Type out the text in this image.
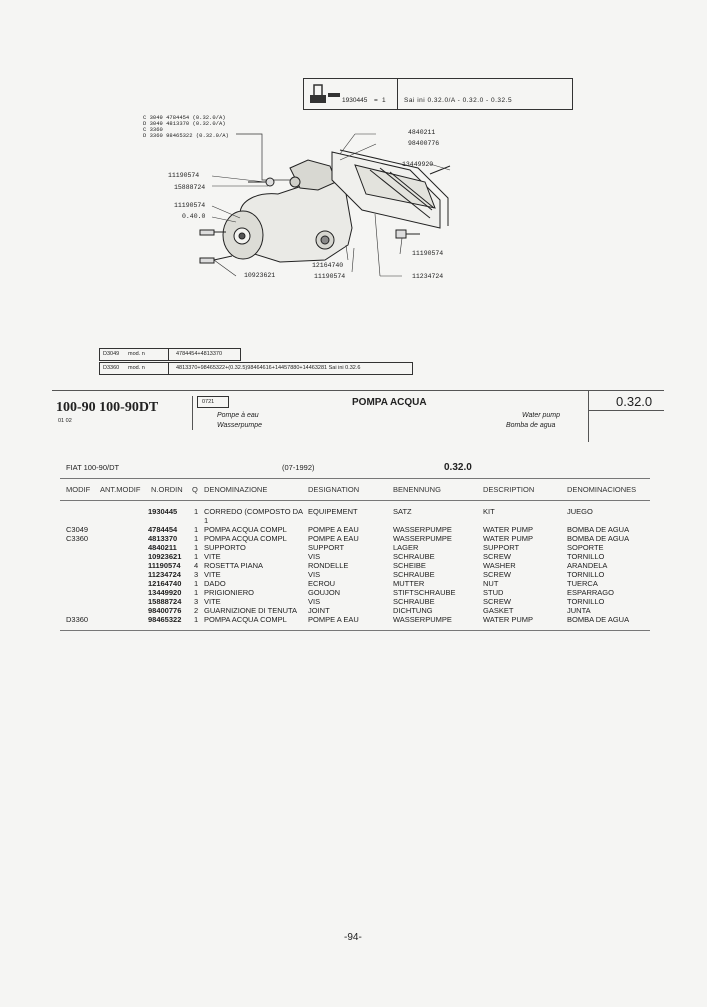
1930445 = 1	Sai ini 0.32.0/A - 0.32.0 - 0.32.5
C 3049 4784454 (0.32.0/A)
D 3049 4813370 (0.32.0/A)
C 3360
D 3360 98465322 (0.32.0/A)	4840211
98400776
13449920
11190574
15888724
11190574
0.40.0
10923621
12164740
11190574
11190574
11234724
D3049 mod. n	4784454+4813370
D3360 mod. n	4813370+98465322+(0.32.5)98464616+14457880+14463281 Sai ini 0.32.6
100-90 100-90DT
01 02
0721	POMPA ACQUA
Pompe à eau
Wasserpumpe
Water pump
Bomba de agua
0.32.0
FIAT 100-90/DT	(07-1992)	0.32.0
MODIF ANT.MODIF N.ORDIN Q DENOMINAZIONE	DESIGNATION	BENENNUNG	DESCRIPTION	DENOMINACIONES
1930445 1 CORREDO (COMPOSTO DA EQUIPEMENT	SATZ	KIT	JUEGO
1
C3049	4784454 1 POMPA ACQUA COMPL	POMPE A EAU	WASSERPUMPE	WATER PUMP	BOMBA DE AGUA
C3360	4813370 1 POMPA ACQUA COMPL	POMPE A EAU	WASSERPUMPE	WATER PUMP	BOMBA DE AGUA
4840211 1 SUPPORTO	SUPPORT	LAGER	SUPPORT	SOPORTE
10923621 1 VITE	VIS	SCHRAUBE	SCREW	TORNILLO
11190574 4 ROSETTA PIANA	RONDELLE	SCHEIBE	WASHER	ARANDELA
11234724 3 VITE	VIS	SCHRAUBE	SCREW	TORNILLO
12164740 1 DADO	ECROU	MUTTER	NUT	TUERCA
13449920 1 PRIGIONIERO	GOUJON	STIFTSCHRAUBE	STUD	ESPARRAGO
15888724 3 VITE	VIS	SCHRAUBE	SCREW	TORNILLO
98400776 2 GUARNIZIONE DI TENUTA JOINT	DICHTUNG	GASKET	JUNTA
D3360	98465322 1 POMPA ACQUA COMPL	POMPE A EAU	WASSERPUMPE	WATER PUMP	BOMBA DE AGUA
-94-
